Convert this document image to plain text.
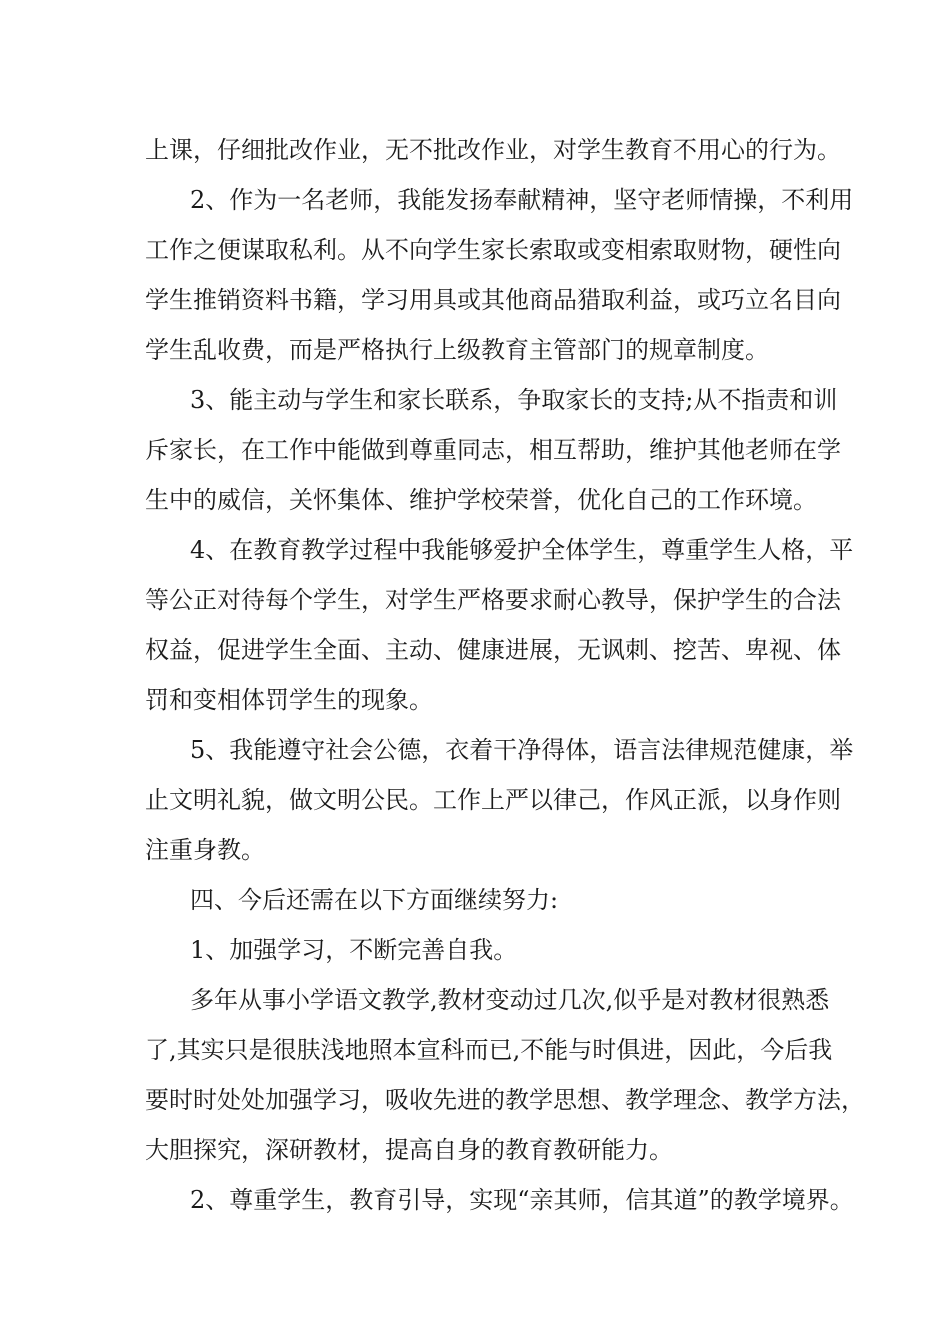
上课，仔细批改作业，无不批改作业，对学生教育不用心的行为。
2、作为一名老师，我能发扬奉献精神，坚守老师情操，不利用
工作之便谋取私利。从不向学生家长索取或变相索取财物，硬性向
学生推销资料书籍，学习用具或其他商品猎取利益，或巧立名目向
学生乱收费，而是严格执行上级教育主管部门的规章制度。
3、能主动与学生和家长联系，争取家长的支持;从不指责和训
斥家长，在工作中能做到尊重同志，相互帮助，维护其他老师在学
生中的威信，关怀集体、维护学校荣誉，优化自己的工作环境。
4、在教育教学过程中我能够爱护全体学生，尊重学生人格，平
等公正对待每个学生，对学生严格要求耐心教导，保护学生的合法
权益，促进学生全面、主动、健康进展，无讽刺、挖苦、卑视、体
罚和变相体罚学生的现象。
5、我能遵守社会公德，衣着干净得体，语言法律规范健康，举
止文明礼貌，做文明公民。工作上严以律己，作风正派，以身作则
注重身教。
四、今后还需在以下方面继续努力:
1、加强学习，不断完善自我。
多年从事小学语文教学,教材变动过几次,似乎是对教材很熟悉
了,其实只是很肤浅地照本宣科而已,不能与时俱进，因此，今后我
要时时处处加强学习，吸收先进的教学思想、教学理念、教学方法，
大胆探究，深研教材，提高自身的教育教研能力。
2、尊重学生，教育引导，实现“亲其师，信其道”的教学境界。
